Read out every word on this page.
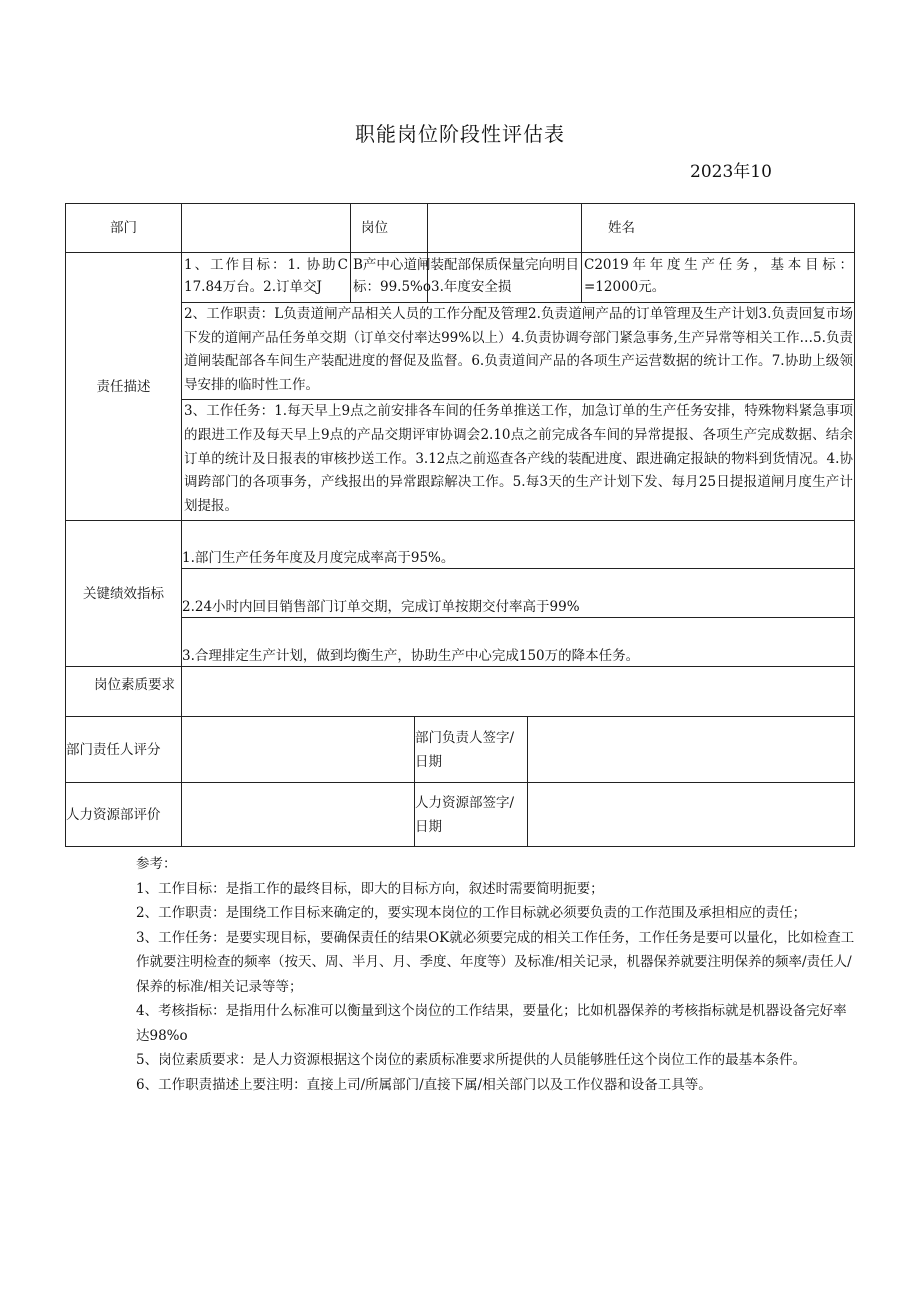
职能岗位阶段性评估表
2023年10
部门	岗位	姓名
责任描述
1、工作目标：1. 协助C 17.84万台。2.订单交J
B产中心道闸装配部保质保量完向明目标：99.5%o3.年度安全损
C2019年年度生产任务，基本目标：=12000元。
2、工作职责：L负责道闸产品相关人员的工作分配及管理2.负责道闸产品的订单管理及生产计划3.负责回复市场下发的道闸产品任务单交期（订单交付率达99%以上）4.负责协调夸部门紧急事务,生产异常等相关工作…5.负责道闸装配部各车间生产装配进度的督促及监督。6.负责道间产品的各项生产运营数据的统计工作。7.协助上级领导安排的临时性工作。
3、工作任务：1.每天早上9点之前安排各车间的任务单推送工作，加急订单的生产任务安排，特殊物料紧急事项的跟进工作及每天早上9点的产品交期评审协调会2.10点之前完成各车间的异常提报、各项生产完成数据、结余订单的统计及日报表的审核抄送工作。3.12点之前巡查各产线的装配进度、跟进确定报缺的物料到货情况。4.协调跨部门的各项事务，产线报出的异常跟踪解决工作。5.每3天的生产计划下发、每月25日提报道闸月度生产计划提报。
关键绩效指标
1.部门生产任务年度及月度完成率高于95%。
2.24小时内回目销售部门订单交期，完成订单按期交付率高于99%
3.合理排定生产计划，做到均衡生产，协助生产中心完成150万的降本任务。
岗位素质要求
部门责任人评分
部门负责人签字/日期
人力资源部评价
人力资源部签字/日期

参考：

1、工作目标：是指工作的最终目标，即大的目标方向，叙述时需要简明扼要；

2、工作职责：是围绕工作目标来确定的，要实现本岗位的工作目标就必须要负责的工作范围及承担相应的责任；

3、工作任务：是要实现目标，要确保责任的结果OK就必须要完成的相关工作任务，工作任务是要可以量化，比如检查工作就要注明检查的频率（按天、周、半月、月、季度、年度等）及标准/相关记录，机器保养就要注明保养的频率/责任人/保养的标准/相关记录等等；

4、考核指标：是指用什么标准可以衡量到这个岗位的工作结果，要量化；比如机器保养的考核指标就是机器设备完好率达98%o

5、岗位素质要求：是人力资源根据这个岗位的素质标准要求所提供的人员能够胜任这个岗位工作的最基本条件。

6、工作职责描述上要注明：直接上司/所属部门/直接下属/相关部门以及工作仪器和设备工具等。
